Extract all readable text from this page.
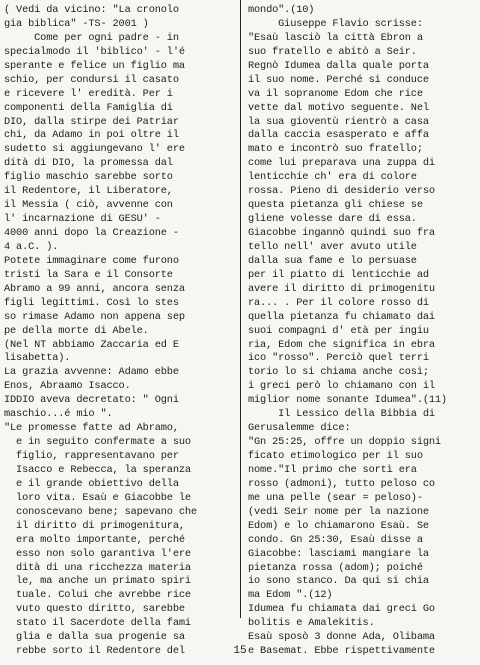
( Vedi da vicino: "La cronolo
gia biblica" -TS- 2001 )
Come per ogni padre - in
specialmodo il 'biblico' - l'é
sperante e felice un figlio ma
schio, per condursi il casato
e ricevere l' eredità. Per i
componenti della Famiglia di
DIO, dalla stirpe dei Patriar
chi, da Adamo in poi oltre il
sudetto si aggiungevano l' ere
dità di DIO, la promessa dal
figlio maschio sarebbe sorto
il Redentore, il Liberatore,
il Messia ( ciò, avvenne con
l' incarnazione di GESU' -
4000 anni dopo la Creazione -
4 a.C. ).
Potete immaginare come furono
tristi la Sara e il Consorte
Abramo a 99 anni, ancora senza
figli legittimi. Così lo stes
so rimase Adamo non appena sep
pe della morte di Abele.
(Nel NT abbiamo Zaccaria ed E
lisabetta).
La grazia avvenne: Adamo ebbe
Enos, Abraamo Isacco.
IDDIO aveva decretato: " Ogni
maschio...é mio ".
"Le promesse fatte ad Abramo,
e in seguito confermate a suo
figlio, rappresentavano per
Isacco e Rebecca, la speranza
e il grande obiettivo della
loro vita. Esaù e Giacobbe le
conoscevano bene; sapevano che
il diritto di primogenitura,
era molto importante, perché
esso non solo garantiva l'ere
dità di una ricchezza materia
le, ma anche un primato spiri
tuale. Colui che avrebbe rice
vuto questo diritto, sarebbe
stato il Sacerdote della fami
glia e dalla sua progenie sa
rebbe sorto il Redentore del
mondo".(10)
Giuseppe Flavio scrisse:
"Esaù lasciò la città Ebron a
suo fratello e abitò a Seir.
Regnò Idumea dalla quale porta
il suo nome. Perché si conduce
va il sopranome Edom che rice
vette dal motivo seguente. Nel
la sua gioventù rientrò a casa
dalla caccia esasperato e affa
mato e incontrò suo fratello;
come lui preparava una zuppa di
lenticchie ch' era di colore
rossa. Pieno di desiderio verso
questa pietanza gli chiese se
gliene volesse dare di essa.
Giacobbe ingannò quindi suo fra
tello nell' aver avuto utile
dalla sua fame e lo persuase
per il piatto di lenticchie ad
avere il diritto di primogenitu
ra... . Per il colore rosso di
quella pietanza fu chiamato dai
suoi compagni d' età per ingiu
ria, Edom che significa in ebra
ico "rosso". Perciò quel terri
torio lo si chiama anche così;
i greci però lo chiamano con il
miglior nome sonante Idumea".(11)
Il Lessico della Bibbia di
Gerusalemme dice:
"Gn 25:25, offre un doppio signi
ficato etimologico per il suo
nome."Il primo che sortì era
rosso (admoni), tutto peloso co
me una pelle (sear = peloso)-
(vedi Seir nome per la nazione
Edom) e lo chiamarono Esaù. Se
condo. Gn 25:30, Esaù disse a
Giacobbe: lasciami mangiare la
pietanza rossa (adom); poiché
io sono stanco. Da qui si chia
ma Edom ".(12)
Idumea fu chiamata dai greci Go
bolitis e Amalekitis.
Esaù sposò 3 donne Ada, Olibama
e Basemat. Ebbe rispettivamente
15
